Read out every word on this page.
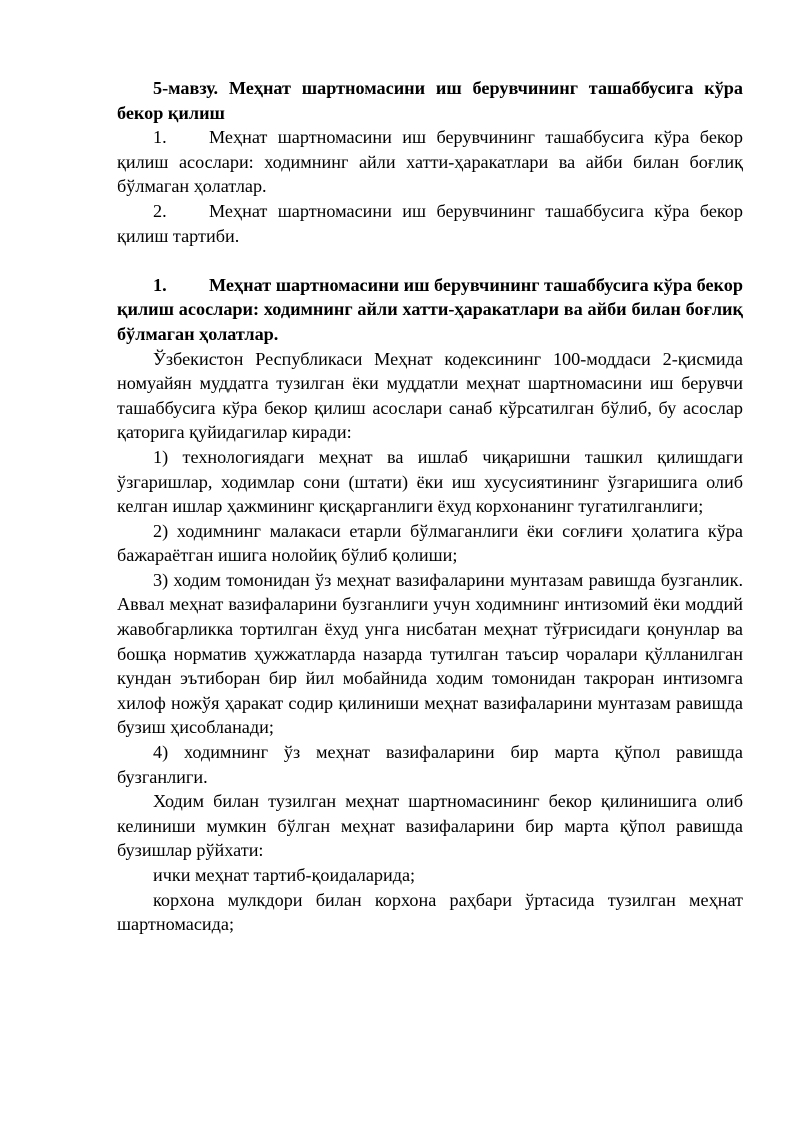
5-мавзу. Меҳнат шартномасини иш берувчининг ташаббусига кўра бекор қилиш

1. Меҳнат шартномасини иш берувчининг ташаббусига кўра бекор қилиш асослари: ходимнинг айли хатти-ҳаракатлари ва айби билан боғлиқ бўлмаган ҳолатлар.

2. Меҳнат шартномасини иш берувчининг ташаббусига кўра бекор қилиш тартиби.

1. Меҳнат шартномасини иш берувчининг ташаббусига кўра бекор қилиш асослари: ходимнинг айли хатти-ҳаракатлари ва айби билан боғлиқ бўлмаган ҳолатлар.

Ўзбекистон Республикаси Меҳнат кодексининг 100-моддаси 2-қисмида номуайян муддатга тузилган ёки муддатли меҳнат шартномасини иш берувчи ташаббусига кўра бекор қилиш асослари санаб кўрсатилган бўлиб, бу асослар қаторига қуйидагилар киради:

1) технологиядаги меҳнат ва ишлаб чиқаришни ташкил қилишдаги ўзгаришлар, ходимлар сони (штати) ёки иш хусусиятининг ўзгаришига олиб келган ишлар ҳажмининг қисқарганлиги ёхуд корхонанинг тугатилганлиги;

2) ходимнинг малакаси етарли бўлмаганлиги ёки соғлиғи ҳолатига кўра бажараётган ишига нолойиқ бўлиб қолиши;

3) ходим томонидан ўз меҳнат вазифаларини мунтазам равишда бузганлик. Аввал меҳнат вазифаларини бузганлиги учун ходимнинг интизомий ёки моддий жавобгарликка тортилган ёхуд унга нисбатан меҳнат тўғрисидаги қонунлар ва бошқа норматив ҳужжатларда назарда тутилган таъсир чоралари қўлланилган кундан эътиборан бир йил мобайнида ходим томонидан такроран интизомга хилоф ножўя ҳаракат содир қилиниши меҳнат вазифаларини мунтазам равишда бузиш ҳисобланади;

4) ходимнинг ўз меҳнат вазифаларини бир марта қўпол равишда бузганлиги.

Ходим билан тузилган меҳнат шартномасининг бекор қилинишига олиб келиниши мумкин бўлган меҳнат вазифаларини бир марта қўпол равишда бузишлар рўйхати:

ички меҳнат тартиб-қоидаларида;

корхона мулкдори билан корхона раҳбари ўртасида тузилган меҳнат шартномасида;
